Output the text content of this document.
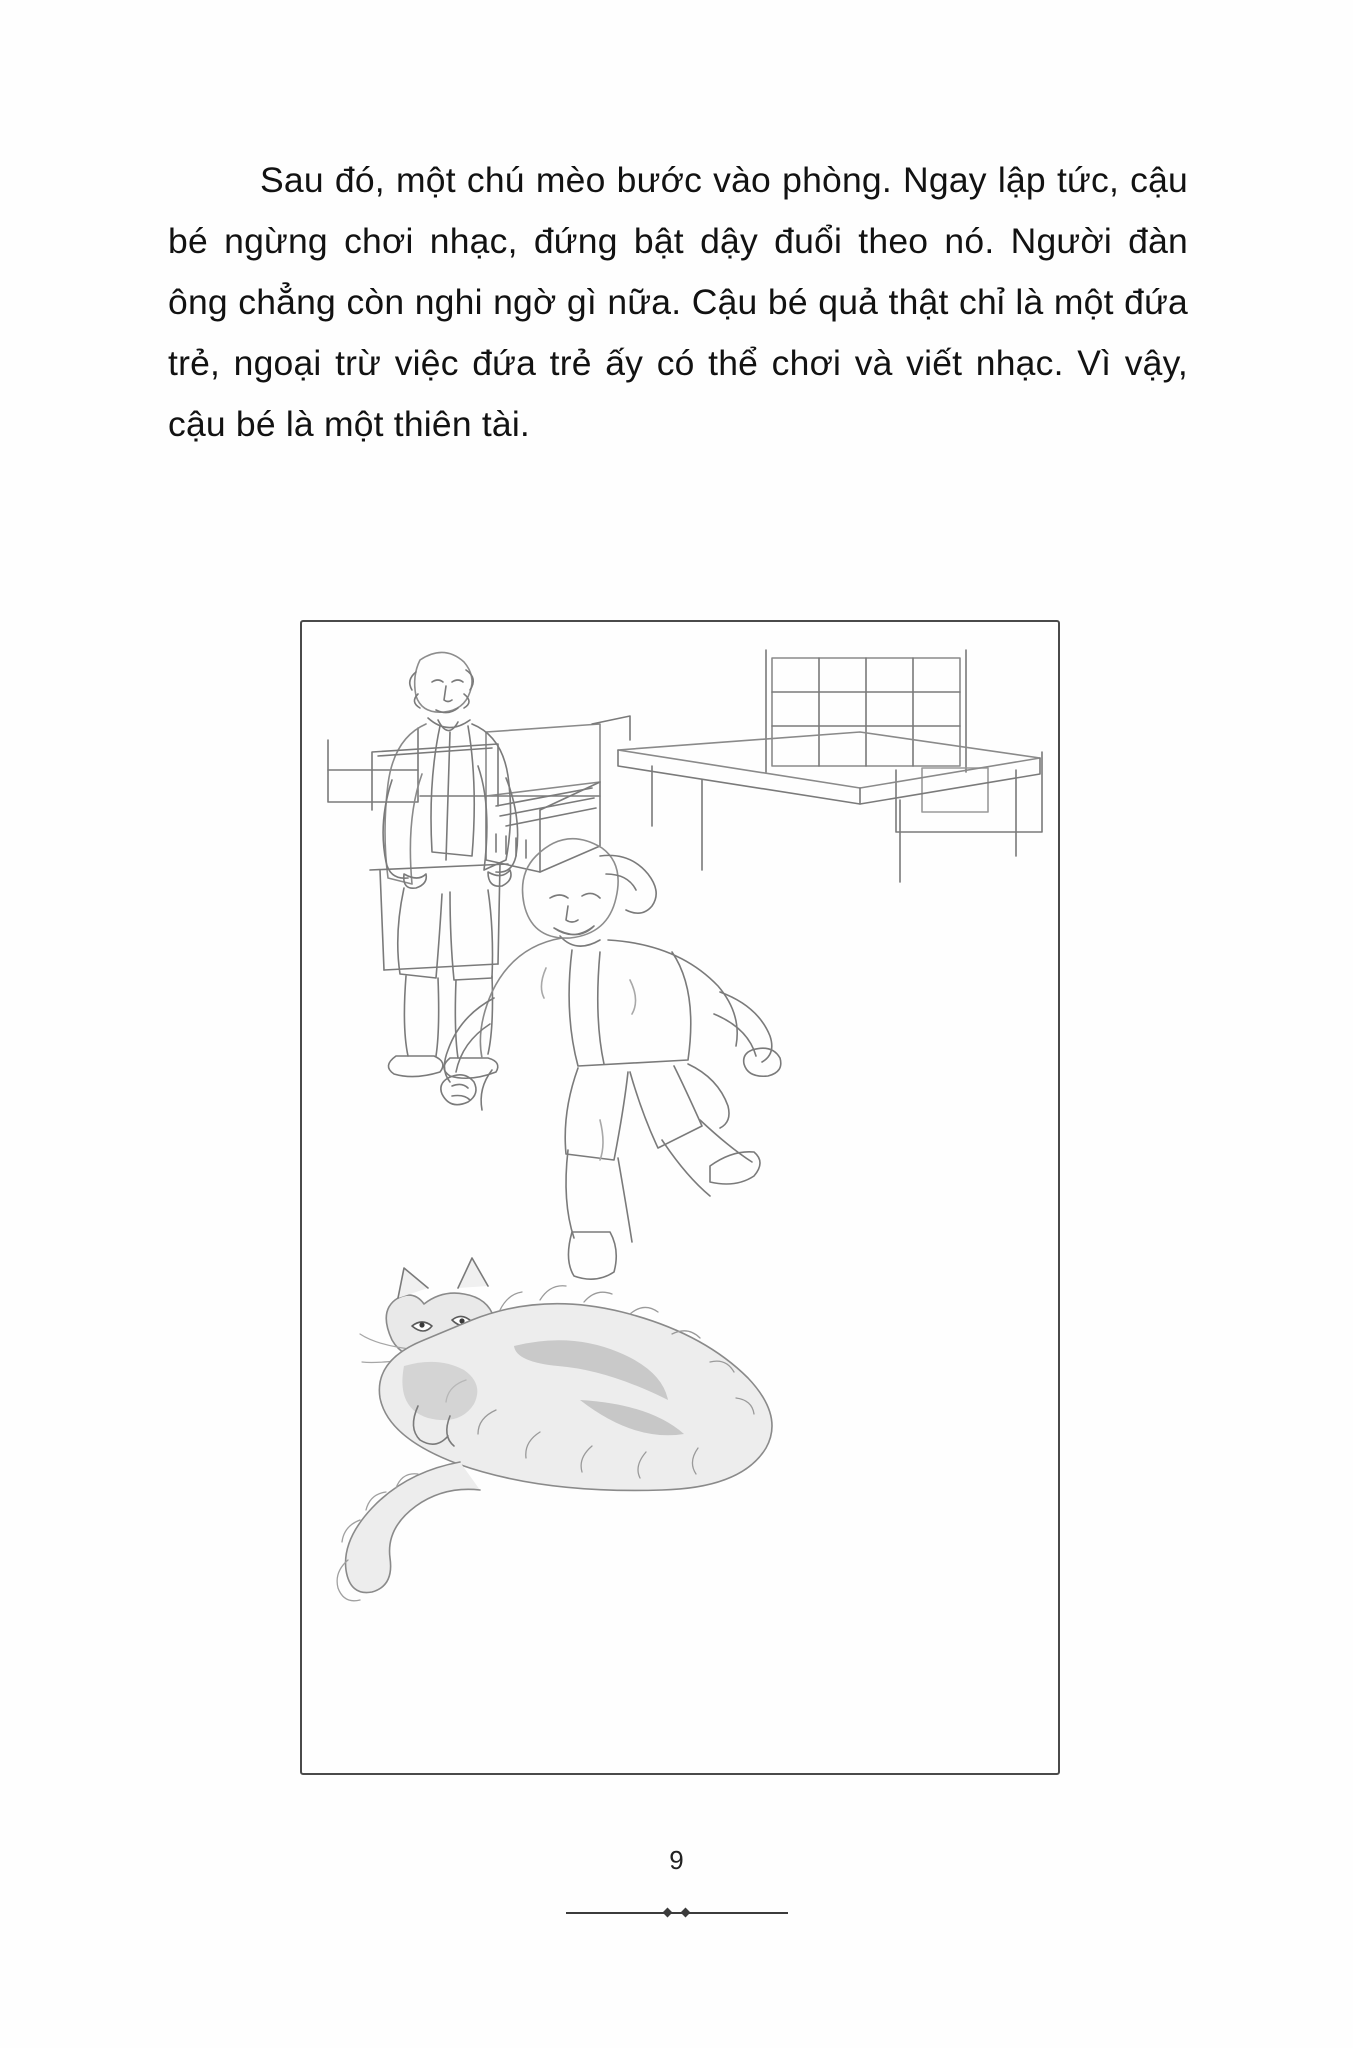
Sau đó, một chú mèo bước vào phòng. Ngay lập tức, cậu bé ngừng chơi nhạc, đứng bật dậy đuổi theo nó. Người đàn ông chẳng còn nghi ngờ gì nữa. Cậu bé quả thật chỉ là một đứa trẻ, ngoại trừ việc đứa trẻ ấy có thể chơi và viết nhạc. Vì vậy, cậu bé là một thiên tài.

9
